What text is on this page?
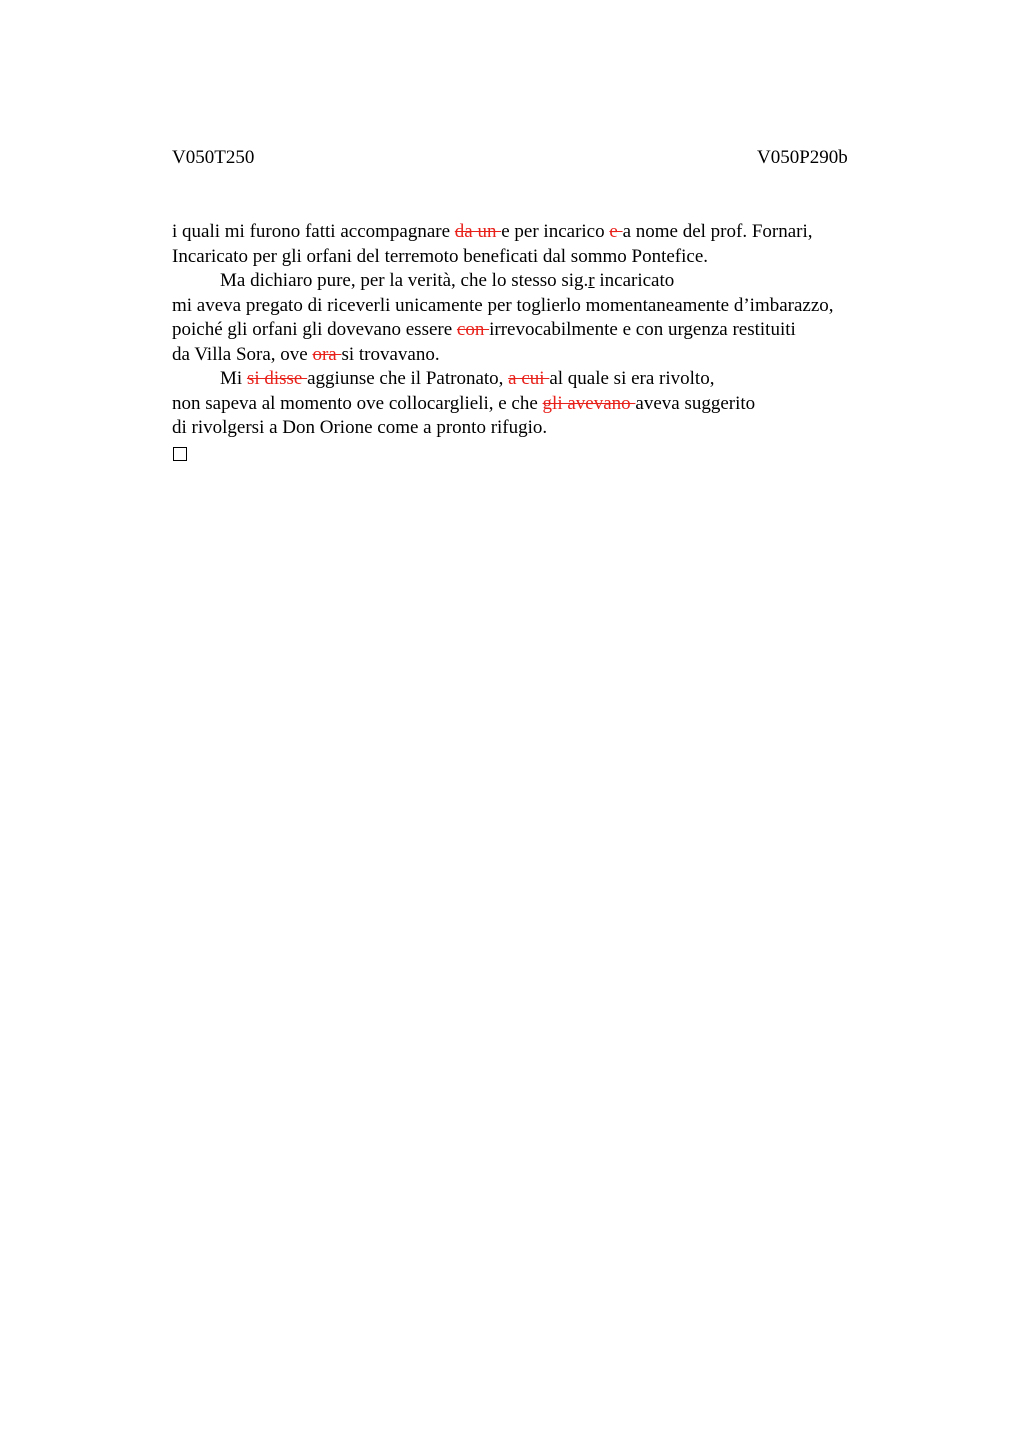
V050T250	V050P290b
i quali mi furono fatti accompagnare da un e per incarico e a nome del prof. Fornari,
Incaricato per gli orfani del terremoto beneficati dal sommo Pontefice.
Ma dichiaro pure, per la verità, che lo stesso sig.r incaricato
mi aveva pregato di riceverli unicamente per toglierlo momentaneamente d’imbarazzo,
poiché gli orfani gli dovevano essere con irrevocabilmente e con urgenza restituiti
da Villa Sora, ove ora si trovavano.
Mi si disse aggiunse che il Patronato, a cui al quale si era rivolto,
non sapeva al momento ove collocarglieli, e che gli avevano aveva suggerito
di rivolgersi a Don Orione come a pronto rifugio.
